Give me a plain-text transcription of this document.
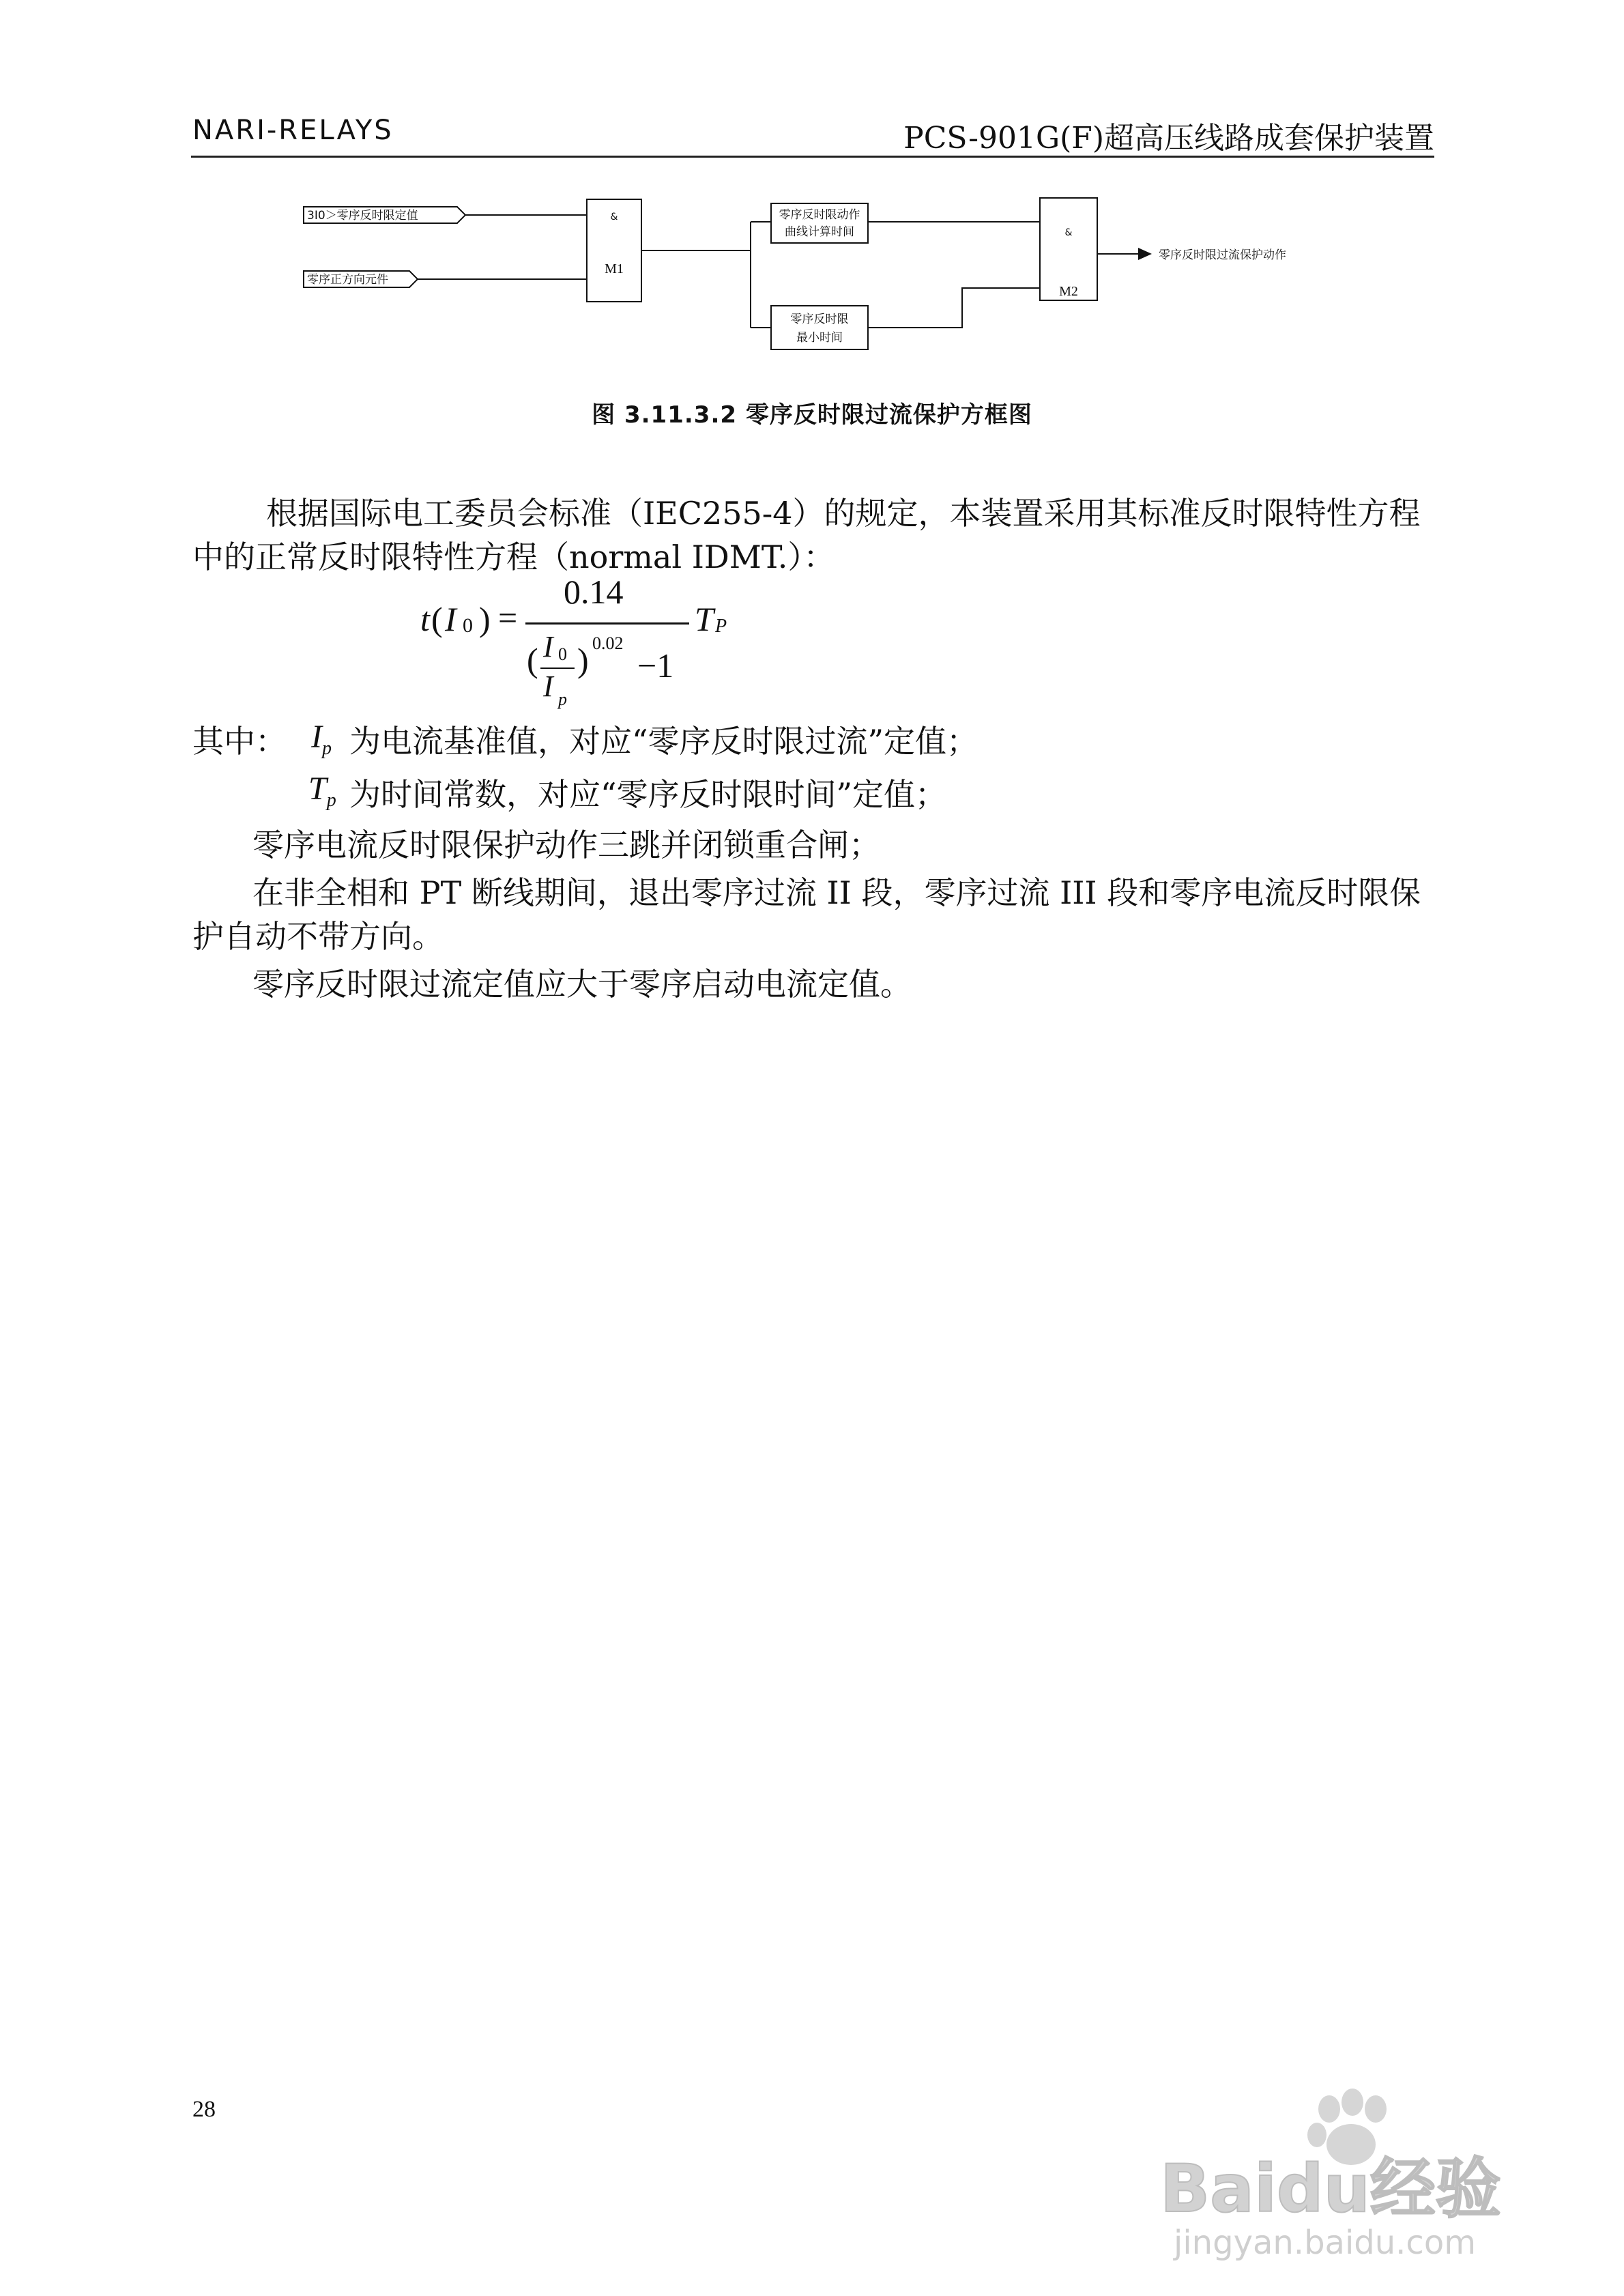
NARI-RELAYS	PCS-901G(F)超高压线路成套保护装置
3I0＞零序反时限定值
零序正方向元件
&
M1
零序反时限动作
曲线计算时间
零序反时限
最小时间
&
M2
零序反时限过流保护动作
图 3.11.3.2 零序反时限过流保护方框图
根据国际电工委员会标准（IEC255-4）的规定，本装置采用其标准反时限特性方程
中的正常反时限特性方程（normal IDMT.）：
t ( I 0 ) =
0.14
( I 0
I p
) 0.02
−1
T P
其中： $I_p$ 为电流基准值，对应“零序反时限过流”定值；
$T_p$ 为时间常数，对应“零序反时限时间”定值；
零序电流反时限保护动作三跳并闭锁重合闸；
在非全相和 PT 断线期间，退出零序过流 II 段，零序过流 III 段和零序电流反时限保
护自动不带方向。
零序反时限过流定值应大于零序启动电流定值。
28
Baidu经验
jingyan.baidu.com
